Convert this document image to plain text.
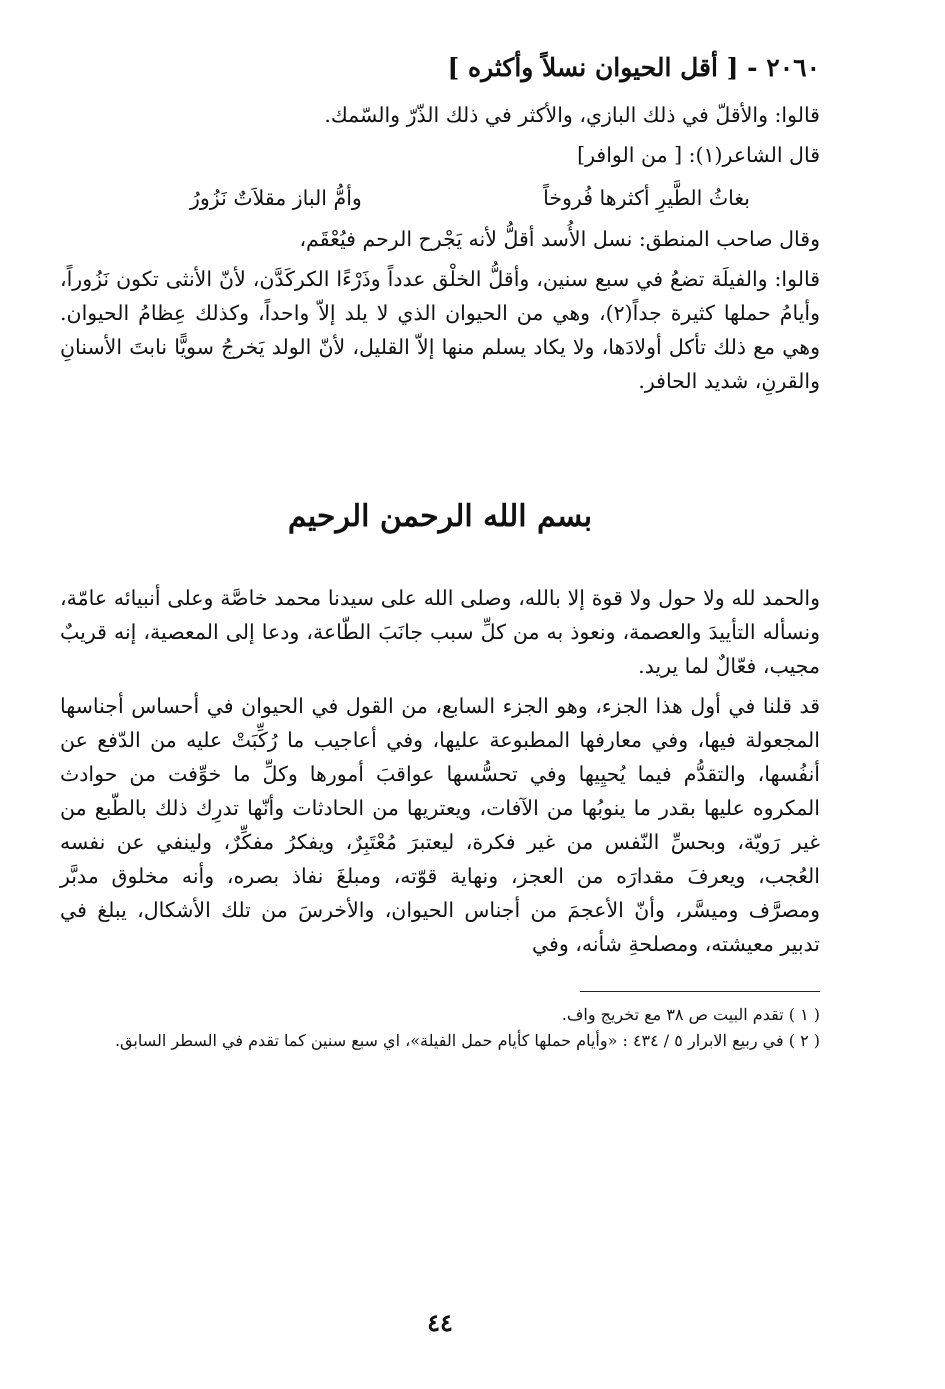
٢٠٦٠ - [ أقل الحيوان نسلاً وأكثره ]

قالوا: والأقلّ في ذلك البازي، والأكثر في ذلك الذّرّ والسّمك.

قال الشاعر(١): [ من الوافر]

بغاثُ الطَّيرِ أكثرها فُروخاً
وأمُّ الباز مقلاَتٌ نَزُورُ

وقال صاحب المنطق: نسل الأُسد أقلُّ لأنه يَجْرح الرحم فيُعْقَم،

قالوا: والفيلَة تضعُ في سبع سنين، وأقلُّ الخلْق عدداً وذَرْءًا الكركَدَّن، لأنّ الأنثى تكون نَزُوراً، وأيامُ حملها كثيرة جداً(٢)، وهي من الحيوان الذي لا يلد إلاّ واحداً، وكذلك عِظامُ الحيوان. وهي مع ذلك تأكل أولادَها، ولا يكاد يسلم منها إلاّ القليل، لأنّ الولد يَخرجُ سويًّا نابتَ الأسنانِ والقرنِ، شديد الحافر.

بسم الله الرحمن الرحيم

والحمد لله ولا حول ولا قوة إلا بالله، وصلى الله على سيدنا محمد خاصَّة وعلى أنبيائه عامّة، ونسأله التأييدَ والعصمة، ونعوذ به من كلِّ سبب جانَبَ الطّاعة، ودعا إلى المعصية، إنه قريبٌ مجيب، فعّالٌ لما يريد.

قد قلنا في أول هذا الجزء، وهو الجزء السابع، من القول في الحيوان في أحساس أجناسها المجعولة فيها، وفي معارفها المطبوعة عليها، وفي أعاجيب ما رُكِّبَتْ عليه من الدّفع عن أنفُسها، والتقدُّم فيما يُحيِيها وفي تحسُّسها عواقبَ أمورها وكلِّ ما خوِّفت من حوادث المكروه عليها بقدر ما ينوبُها من الآفات، ويعتريها من الحادثات وأنّها تدرِك ذلك بالطّبع من غير رَويّة، وبحسِّ النّفس من غير فكرة، ليعتبرَ مُعْتَبِرٌ، ويفكرُ مفكِّرٌ، ولينفي عن نفسه العُجب، ويعرفَ مقدارَه من العجز، ونهاية قوّته، ومبلغَ نفاذ بصره، وأنه مخلوق مدبَّر ومصرَّف وميسَّر، وأنّ الأعجمَ من أجناس الحيوان، والأخرسَ من تلك الأشكال، يبلغ في تدبير معيشته، ومصلحةِ شأنه، وفي

( ١ ) تقدم البيت ص ٣٨ مع تخريج واف.

( ٢ ) في ربيع الابرار ٥ / ٤٣٤ : «وأيام حملها كأيام حمل الفيلة»، اي سبع سنين كما تقدم في السطر السابق.

٤٤
